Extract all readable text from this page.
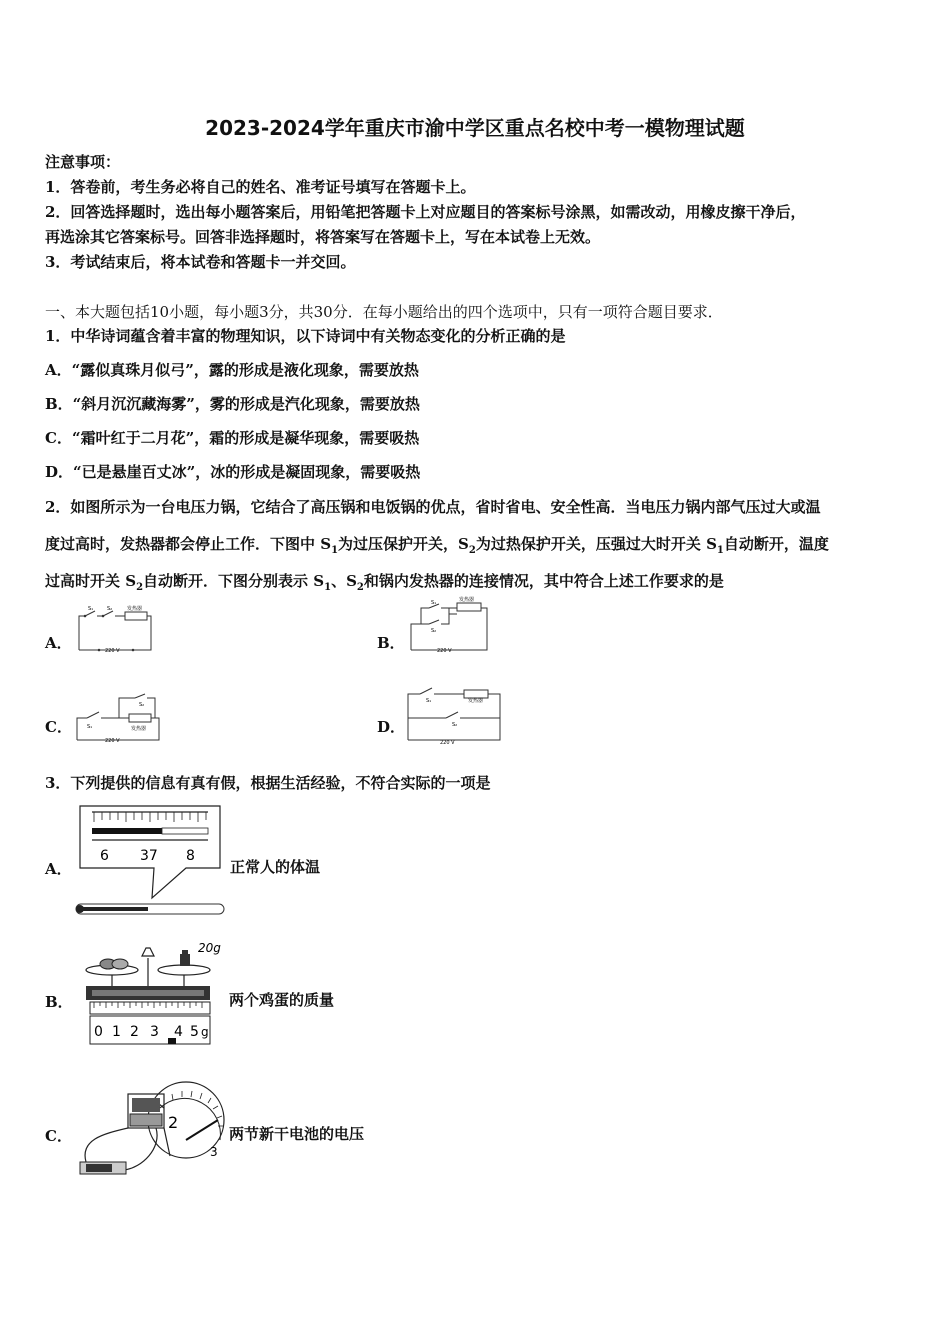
2023-2024学年重庆市渝中学区重点名校中考一模物理试题
注意事项：
1．答卷前，考生务必将自己的姓名、准考证号填写在答题卡上。
2．回答选择题时，选出每小题答案后，用铅笔把答题卡上对应题目的答案标号涂黑，如需改动，用橡皮擦干净后，
再选涂其它答案标号。回答非选择题时，将答案写在答题卡上，写在本试卷上无效。
3．考试结束后，将本试卷和答题卡一并交回。
一、本大题包括10小题，每小题3分，共30分．在每小题给出的四个选项中，只有一项符合题目要求．
1．中华诗词蕴含着丰富的物理知识，以下诗词中有关物态变化的分析正确的是
A．“露似真珠月似弓”，露的形成是液化现象，需要放热
B．“斜月沉沉藏海雾”，雾的形成是汽化现象，需要放热
C．“霜叶红于二月花”，霜的形成是凝华现象，需要吸热
D．“已是悬崖百丈冰”，冰的形成是凝固现象，需要吸热
2．如图所示为一台电压力锅，它结合了高压锅和电饭锅的优点，省时省电、安全性高．当电压力锅内部气压过大或温
度过高时，发热器都会停止工作．下图中 $S_1$为过压保护开关，$S_2$为过热保护开关，压强过大时开关 $S_1$自动断开，温度
过高时开关 $S_2$自动断开．下图分别表示 $S_1$、$S_2$和锅内发热器的连接情况，其中符合上述工作要求的是
A．	B．
C．	D．
S₁	S₂	发热器
220 V
S₁
S₂
发热器
220 V
S₁
S₂
发热器
220 V
S₁
S₂
发热器
220 V
3．下列提供的信息有真有假，根据生活经验，不符合实际的一项是
A．	正常人的体温
B．	两个鸡蛋的质量
C．	两节新干电池的电压
6 37 8
20g
0 1 2 3 4 5 g
2
3
